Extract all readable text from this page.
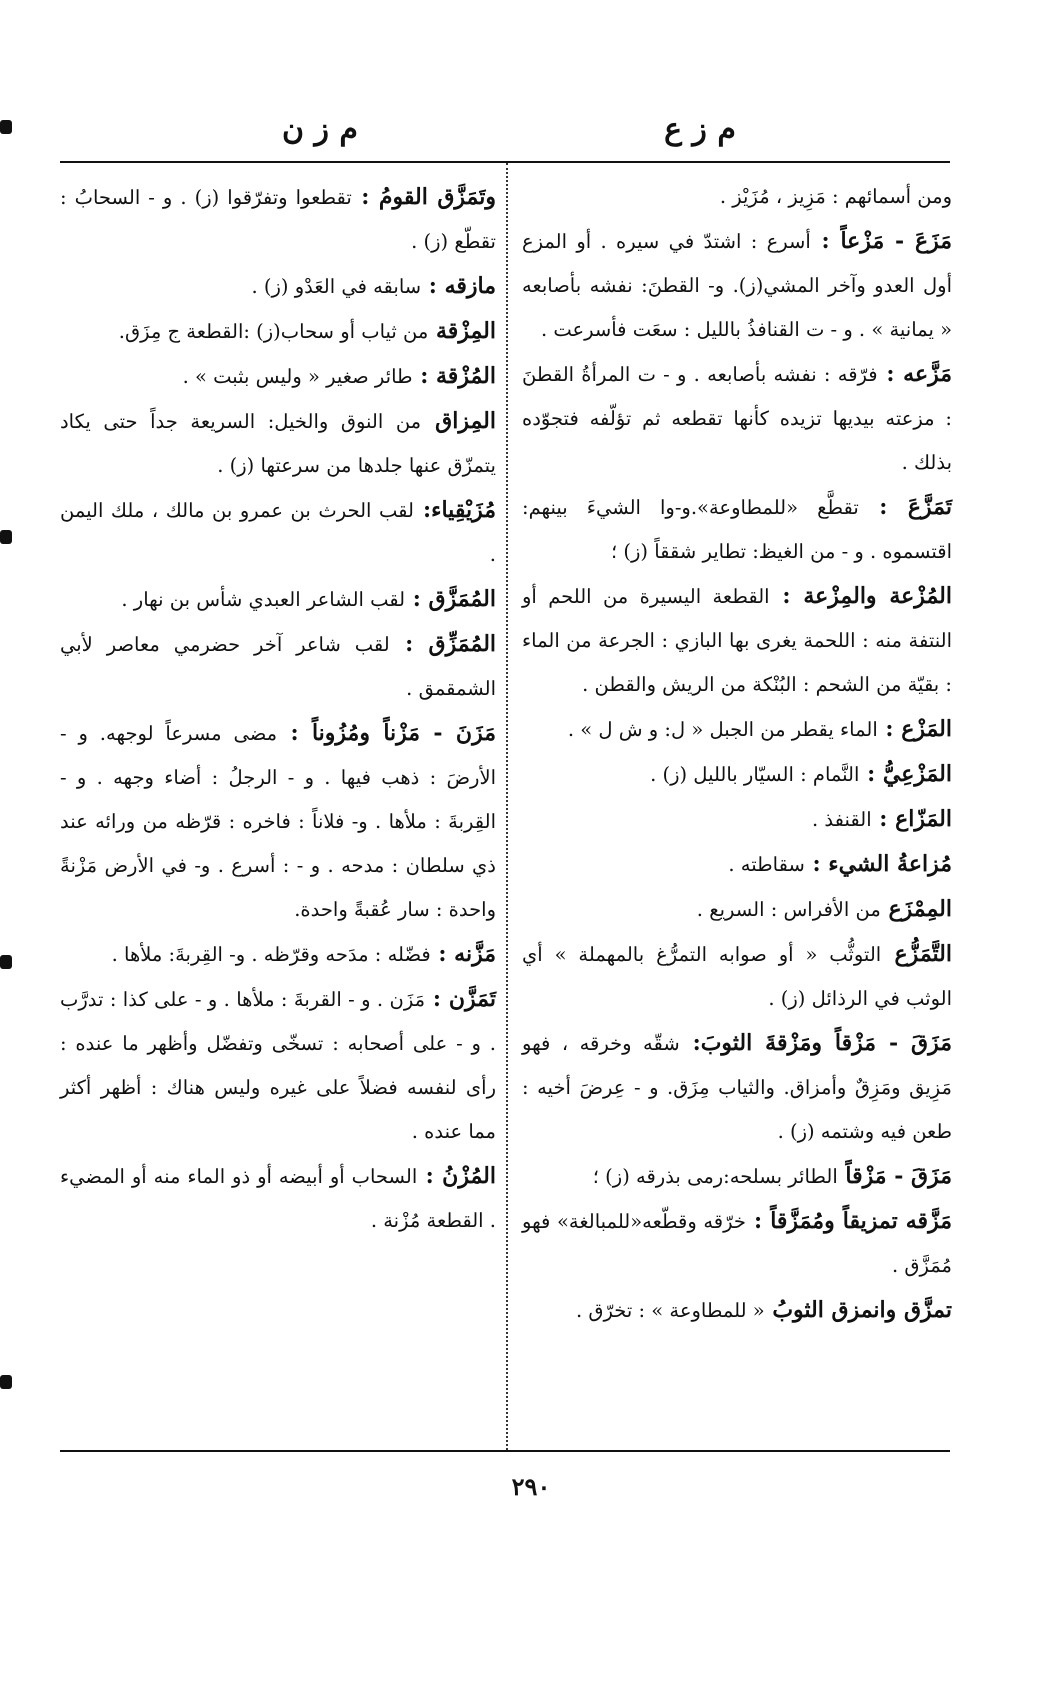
م ز ع
م ز ن

ومن أسمائهم : مَزِيز ، مُزَيْز .

مَزَعَ - مَزْعاً : أسرع : اشتدّ في سيره . أو المزع أول العدو وآخر المشي(ز). و- القطنَ: نفشه بأصابعه « يمانية » . و - ت القنافذُ بالليل : سعَت فأسرعت .

مَزَّعه : فرّقه : نفشه بأصابعه . و - ت المرأةُ القطنَ : مزعته بيديها تزيده كأنها تقطعه ثم تؤلّفه فتجوّده بذلك .

تَمَزَّعَ : تقطَّع «للمطاوعة».و-وا الشيءَ بينهم: اقتسموه . و - من الغيظ: تطاير شققاً (ز) ؛

المُزْعة والمِزْعة : القطعة اليسيرة من اللحم أو النتفة منه : اللحمة يغرى بها البازي : الجرعة من الماء : بقيّة من الشحم : البُنْكة من الريش والقطن .

المَزْع : الماء يقطر من الجبل « ل: و ش ل » .

المَزْعِيُّ : النَّمام : السيّار بالليل (ز) .

المَزّاع : القنفذ .

مُزاعةُ الشيء : سقاطته .

المِمْزَع من الأفراس : السريع .

التَّمَزُّع التوثُّب « أو صوابه التمرُّغ بالمهملة » أي الوثب في الرذائل (ز) .

مَزَقَ - مَزْقاً ومَزْقةَ الثوبَ: شقّه وخرقه ، فهو مَزِيق ومَزِقٌ وأمزاق. والثياب مِزَق. و - عِرضَ أخيه : طعن فيه وشتمه (ز) .

مَزَقَ - مَزْقاً الطائر بسلحه:رمى بذرقه (ز) ؛

مَزَّقه تمزيقاً ومُمَزَّقاً : خرّقه وقطّعه«للمبالغة» فهو مُمَزَّق .

تمزَّق وانمزق الثوبُ « للمطاوعة » : تخرّق .

وتَمَزَّق القومُ : تقطعوا وتفرّقوا (ز) . و - السحابُ : تقطّع (ز) .

مازقه : سابقه في العَدْو (ز) .

المِزْقة من ثياب أو سحاب(ز) :القطعة ج مِزَق.

المُزْقة : طائر صغير « وليس بثبت » .

المِزاق من النوق والخيل: السريعة جداً حتى يكاد يتمزّق عنها جلدها من سرعتها (ز) .

مُزَيْقِياء: لقب الحرث بن عمرو بن مالك ، ملك اليمن .

المُمَزَّق : لقب الشاعر العبدي شأس بن نهار .

المُمَزِّق : لقب شاعر آخر حضرمي معاصر لأبي الشمقمق .

مَزَنَ - مَزْناً ومُزُوناً : مضى مسرعاً لوجهه. و - الأرضَ : ذهب فيها . و - الرجلُ : أضاء وجهه . و - القِربةَ : ملأها . و- فلاناً : فاخره : قرّظه من ورائه عند ذي سلطان : مدحه . و - : أسرع . و- في الأرض مَزْنةً واحدة : سار عُقبةً واحدة.

مَزَّنه : فضّله : مدَحه وقرّظه . و- القِربةَ: ملأها .

تَمَزَّن : مَزَن . و - القربةَ : ملأها . و - على كذا : تدرَّب . و - على أصحابه : تسخّى وتفضّل وأظهر ما عنده : رأى لنفسه فضلاً على غيره وليس هناك : أظهر أكثر مما عنده .

المُزْنُ : السحاب أو أبيضه أو ذو الماء منه أو المضيء . القطعة مُزْنة .

٢٩٠
